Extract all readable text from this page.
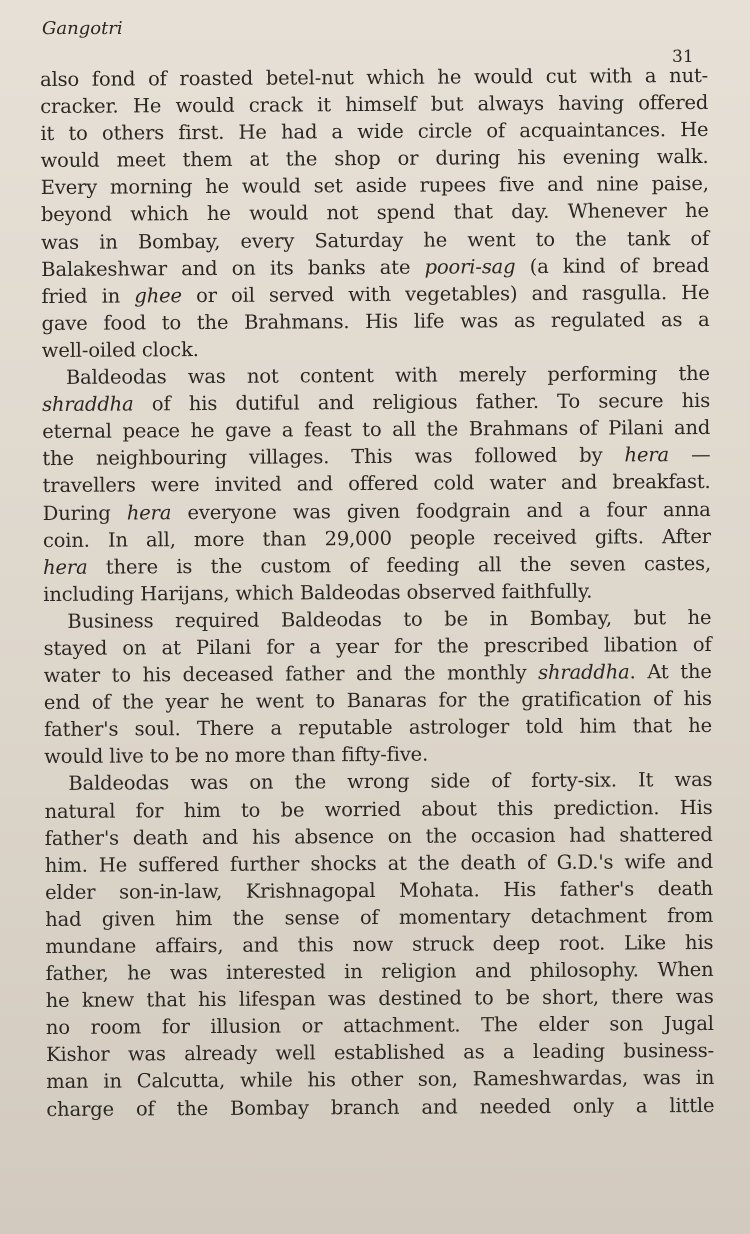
Gangotri

31

also fond of roasted betel-nut which he would cut with a nut-
cracker. He would crack it himself but always having offered
it to others first. He had a wide circle of acquaintances. He
would meet them at the shop or during his evening walk.
Every morning he would set aside rupees five and nine paise,
beyond which he would not spend that day. Whenever he
was in Bombay, every Saturday he went to the tank of
Balakeshwar and on its banks ate poori-sag (a kind of bread
fried in ghee or oil served with vegetables) and rasgulla. He
gave food to the Brahmans. His life was as regulated as a
well-oiled clock.

Baldeodas was not content with merely performing the
shraddha of his dutiful and religious father. To secure his
eternal peace he gave a feast to all the Brahmans of Pilani and
the neighbouring villages. This was followed by hera —
travellers were invited and offered cold water and breakfast.
During hera everyone was given foodgrain and a four anna
coin. In all, more than 29,000 people received gifts. After
hera there is the custom of feeding all the seven castes,
including Harijans, which Baldeodas observed faithfully.

Business required Baldeodas to be in Bombay, but he
stayed on at Pilani for a year for the prescribed libation of
water to his deceased father and the monthly shraddha. At the
end of the year he went to Banaras for the gratification of his
father's soul. There a reputable astrologer told him that he
would live to be no more than fifty-five.

Baldeodas was on the wrong side of forty-six. It was
natural for him to be worried about this prediction. His
father's death and his absence on the occasion had shattered
him. He suffered further shocks at the death of G.D.'s wife and
elder son-in-law, Krishnagopal Mohata. His father's death
had given him the sense of momentary detachment from
mundane affairs, and this now struck deep root. Like his
father, he was interested in religion and philosophy. When
he knew that his lifespan was destined to be short, there was
no room for illusion or attachment. The elder son Jugal
Kishor was already well established as a leading business-
man in Calcutta, while his other son, Rameshwardas, was in
charge of the Bombay branch and needed only a little
